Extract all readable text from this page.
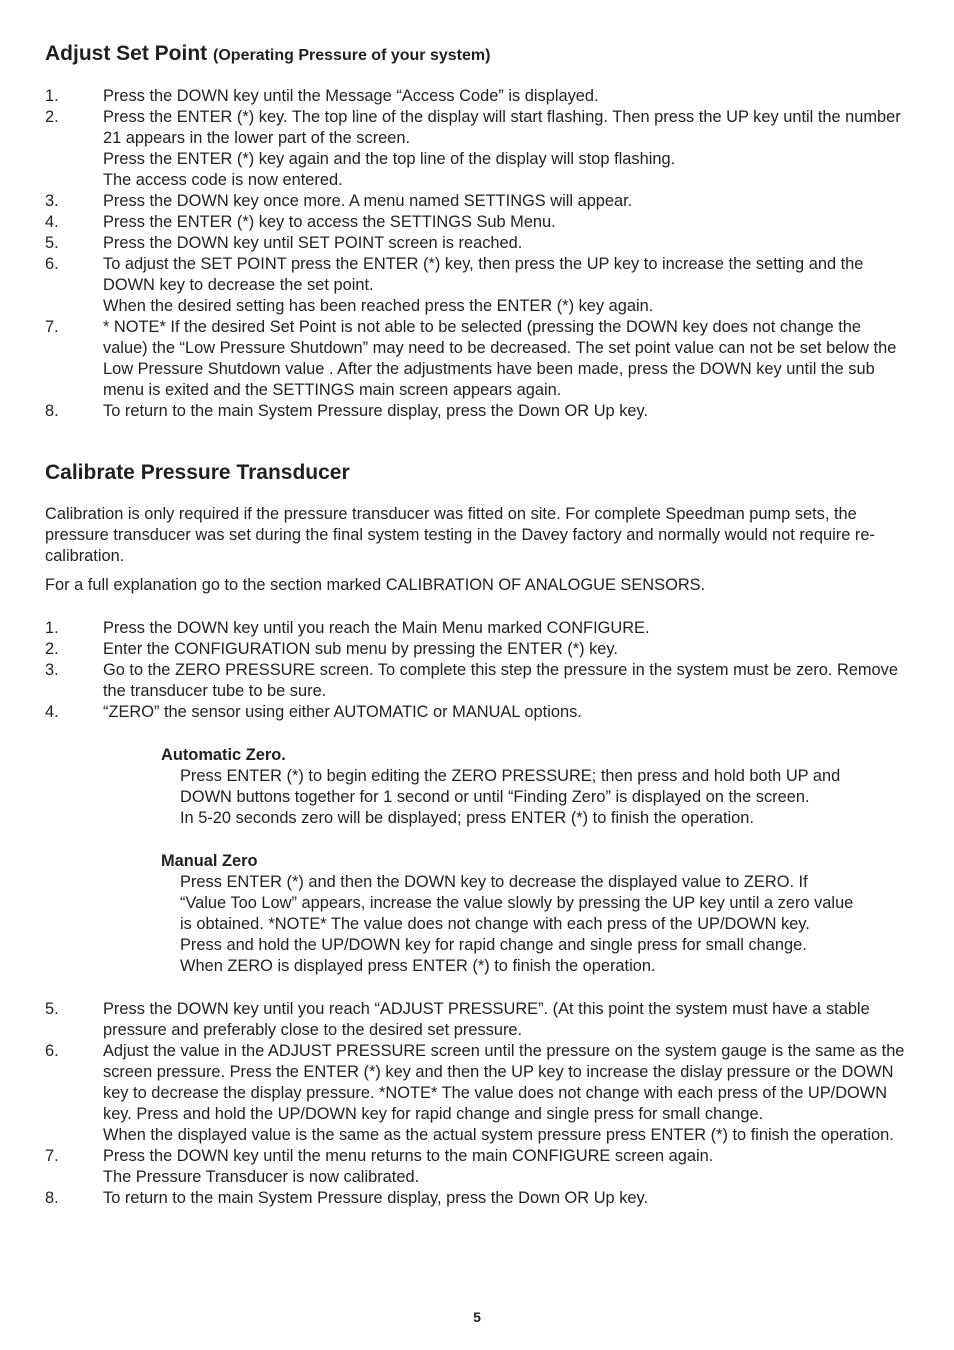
Adjust Set Point (Operating Pressure of your system)
1.	Press the DOWN key until the Message “Access Code” is displayed.
2.	Press the ENTER (*) key. The top line of the display will start flashing. Then press the UP key until the number 21 appears in the lower part of the screen.
Press the ENTER (*) key again and the top line of the display will stop flashing.
The access code is now entered.
3.	Press the DOWN key once more. A menu named SETTINGS will appear.
4.	Press the ENTER (*) key to access the SETTINGS Sub Menu.
5.	Press the DOWN key until SET POINT screen is reached.
6.	To adjust the SET POINT press the ENTER (*) key, then press the UP key to increase the setting and the DOWN key to decrease the set point.
When the desired setting has been reached press the ENTER (*) key again.
7.	* NOTE* If the desired Set Point is not able to be selected (pressing the DOWN key does not change the value) the “Low Pressure Shutdown” may need to be decreased. The set point value can not be set below the Low Pressure Shutdown value . After the adjustments have been made, press the DOWN key until the sub menu is exited and the SETTINGS main screen appears again.
8.	To return to the main System Pressure display, press the Down OR Up key.
Calibrate Pressure Transducer

Calibration is only required if the pressure transducer was fitted on site. For complete Speedman pump sets, the pressure transducer was set during the final system testing in the Davey factory and normally would not require re-calibration.

For a full explanation go to the section marked CALIBRATION OF ANALOGUE SENSORS.

1.	Press the DOWN key until you reach the Main Menu marked CONFIGURE.
2.	Enter the CONFIGURATION sub menu by pressing the ENTER (*) key.
3.	Go to the ZERO PRESSURE screen. To complete this step the pressure in the system must be zero. Remove the transducer tube to be sure.
4.	“ZERO” the sensor using either AUTOMATIC or MANUAL options.
Automatic Zero.
Press ENTER (*) to begin editing the ZERO PRESSURE; then press and hold both UP and
DOWN buttons together for 1 second or until “Finding Zero” is displayed on the screen.
In 5-20 seconds zero will be displayed; press ENTER (*) to finish the operation.
Manual Zero
Press ENTER (*) and then the DOWN key to decrease the displayed value to ZERO. If
“Value Too Low” appears, increase the value slowly by pressing the UP key until a zero value
is obtained. *NOTE* The value does not change with each press of the UP/DOWN key.
Press and hold the UP/DOWN key for rapid change and single press for small change.
When ZERO is displayed press ENTER (*) to finish the operation.
5.	Press the DOWN key until you reach “ADJUST PRESSURE”. (At this point the system must have a stable pressure and preferably close to the desired set pressure.
6.	Adjust the value in the ADJUST PRESSURE screen until the pressure on the system gauge is the same as the screen pressure. Press the ENTER (*) key and then the UP key to increase the dislay pressure or the DOWN key to decrease the display pressure. *NOTE* The value does not change with each press of the UP/DOWN key. Press and hold the UP/DOWN key for rapid change and single press for small change.
When the displayed value is the same as the actual system pressure press ENTER (*) to finish the operation.
7.	Press the DOWN key until the menu returns to the main CONFIGURE screen again.
The Pressure Transducer is now calibrated.
8.	To return to the main System Pressure display, press the Down OR Up key.
5
